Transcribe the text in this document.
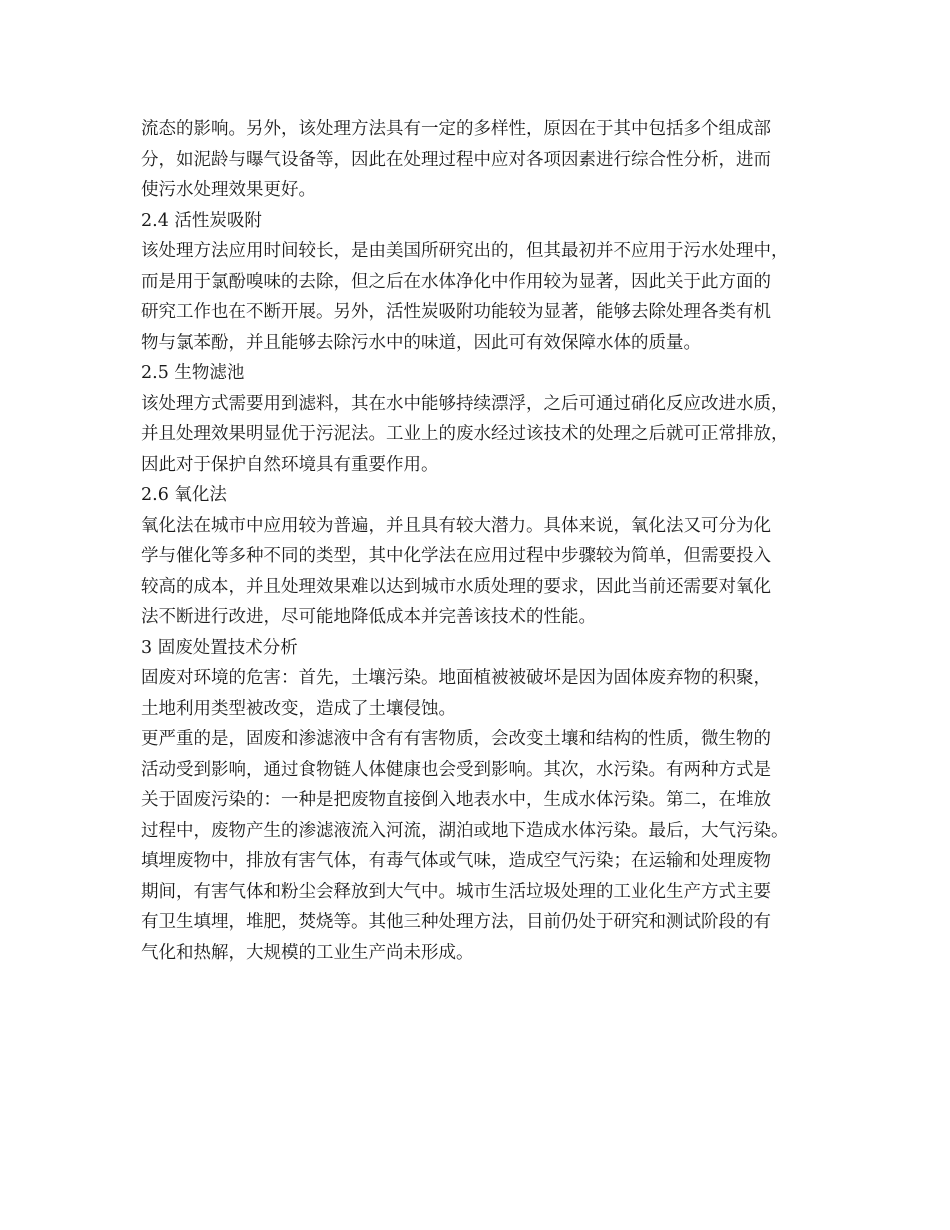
流态的影响。另外，该处理方法具有一定的多样性，原因在于其中包括多个组成部
分，如泥龄与曝气设备等，因此在处理过程中应对各项因素进行综合性分析，进而
使污水处理效果更好。
2.4 活性炭吸附
该处理方法应用时间较长，是由美国所研究出的，但其最初并不应用于污水处理中，
而是用于氯酚嗅味的去除，但之后在水体净化中作用较为显著，因此关于此方面的
研究工作也在不断开展。另外，活性炭吸附功能较为显著，能够去除处理各类有机
物与氯苯酚，并且能够去除污水中的味道，因此可有效保障水体的质量。
2.5 生物滤池
该处理方式需要用到滤料，其在水中能够持续漂浮，之后可通过硝化反应改进水质，
并且处理效果明显优于污泥法。工业上的废水经过该技术的处理之后就可正常排放，
因此对于保护自然环境具有重要作用。
2.6 氧化法
氧化法在城市中应用较为普遍，并且具有较大潜力。具体来说，氧化法又可分为化
学与催化等多种不同的类型，其中化学法在应用过程中步骤较为简单，但需要投入
较高的成本，并且处理效果难以达到城市水质处理的要求，因此当前还需要对氧化
法不断进行改进，尽可能地降低成本并完善该技术的性能。
3 固废处置技术分析
固废对环境的危害：首先，土壤污染。地面植被被破坏是因为固体废弃物的积聚，
土地利用类型被改变，造成了土壤侵蚀。
更严重的是，固废和渗滤液中含有有害物质，会改变土壤和结构的性质，微生物的
活动受到影响，通过食物链人体健康也会受到影响。其次，水污染。有两种方式是
关于固废污染的：一种是把废物直接倒入地表水中，生成水体污染。第二，在堆放
过程中，废物产生的渗滤液流入河流，湖泊或地下造成水体污染。最后，大气污染。
填埋废物中，排放有害气体，有毒气体或气味，造成空气污染；在运输和处理废物
期间，有害气体和粉尘会释放到大气中。城市生活垃圾处理的工业化生产方式主要
有卫生填埋，堆肥，焚烧等。其他三种处理方法，目前仍处于研究和测试阶段的有
气化和热解，大规模的工业生产尚未形成。
